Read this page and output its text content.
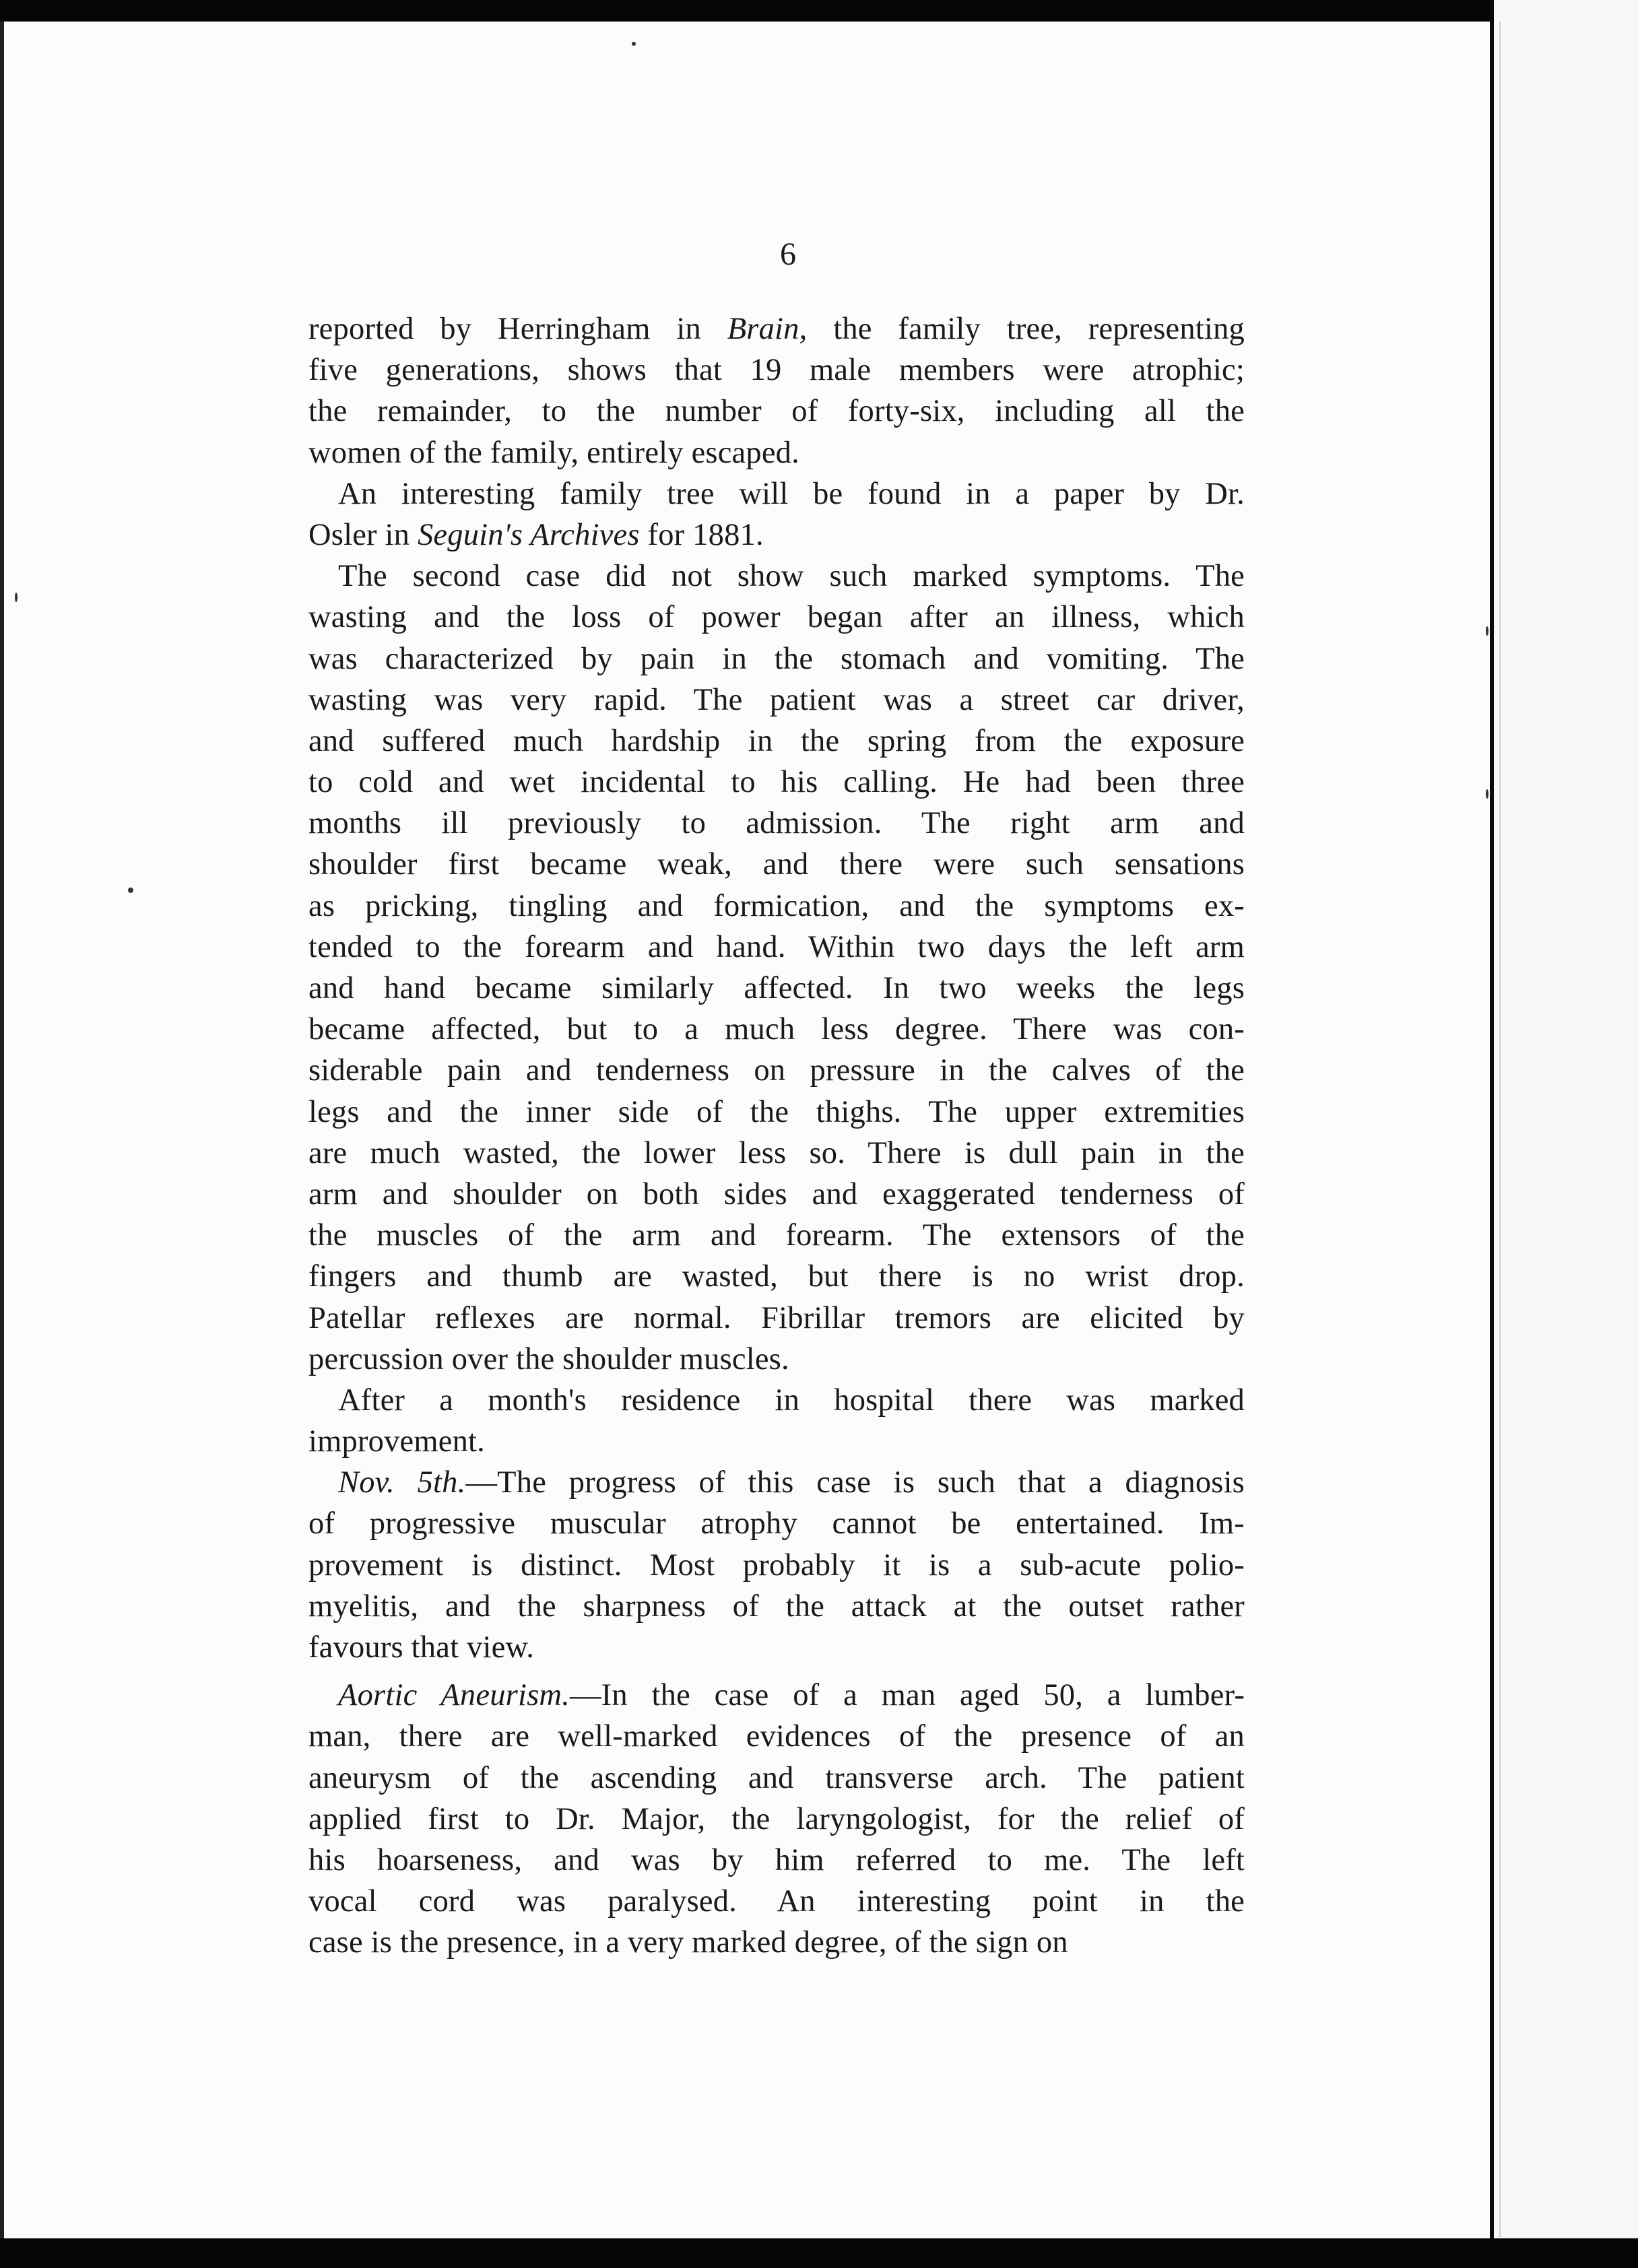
6
reported by Herringham in Brain, the family tree, representing
five generations, shows that 19 male members were atrophic;
the remainder, to the number of forty-six, including all the
women of the family, entirely escaped.
An interesting family tree will be found in a paper by Dr.
Osler in Seguin's Archives for 1881.
The second case did not show such marked symptoms. The
wasting and the loss of power began after an illness, which
was characterized by pain in the stomach and vomiting. The
wasting was very rapid. The patient was a street car driver,
and suffered much hardship in the spring from the exposure
to cold and wet incidental to his calling. He had been three
months ill previously to admission. The right arm and
shoulder first became weak, and there were such sensations
as pricking, tingling and formication, and the symptoms ex-
tended to the forearm and hand. Within two days the left arm
and hand became similarly affected. In two weeks the legs
became affected, but to a much less degree. There was con-
siderable pain and tenderness on pressure in the calves of the
legs and the inner side of the thighs. The upper extremities
are much wasted, the lower less so. There is dull pain in the
arm and shoulder on both sides and exaggerated tenderness of
the muscles of the arm and forearm. The extensors of the
fingers and thumb are wasted, but there is no wrist drop.
Patellar reflexes are normal. Fibrillar tremors are elicited by
percussion over the shoulder muscles.
After a month's residence in hospital there was marked
improvement.
Nov. 5th.—The progress of this case is such that a diagnosis
of progressive muscular atrophy cannot be entertained. Im-
provement is distinct. Most probably it is a sub-acute polio-
myelitis, and the sharpness of the attack at the outset rather
favours that view.
Aortic Aneurism.—In the case of a man aged 50, a lumber-
man, there are well-marked evidences of the presence of an
aneurysm of the ascending and transverse arch. The patient
applied first to Dr. Major, the laryngologist, for the relief of
his hoarseness, and was by him referred to me. The left
vocal cord was paralysed. An interesting point in the
case is the presence, in a very marked degree, of the sign on
